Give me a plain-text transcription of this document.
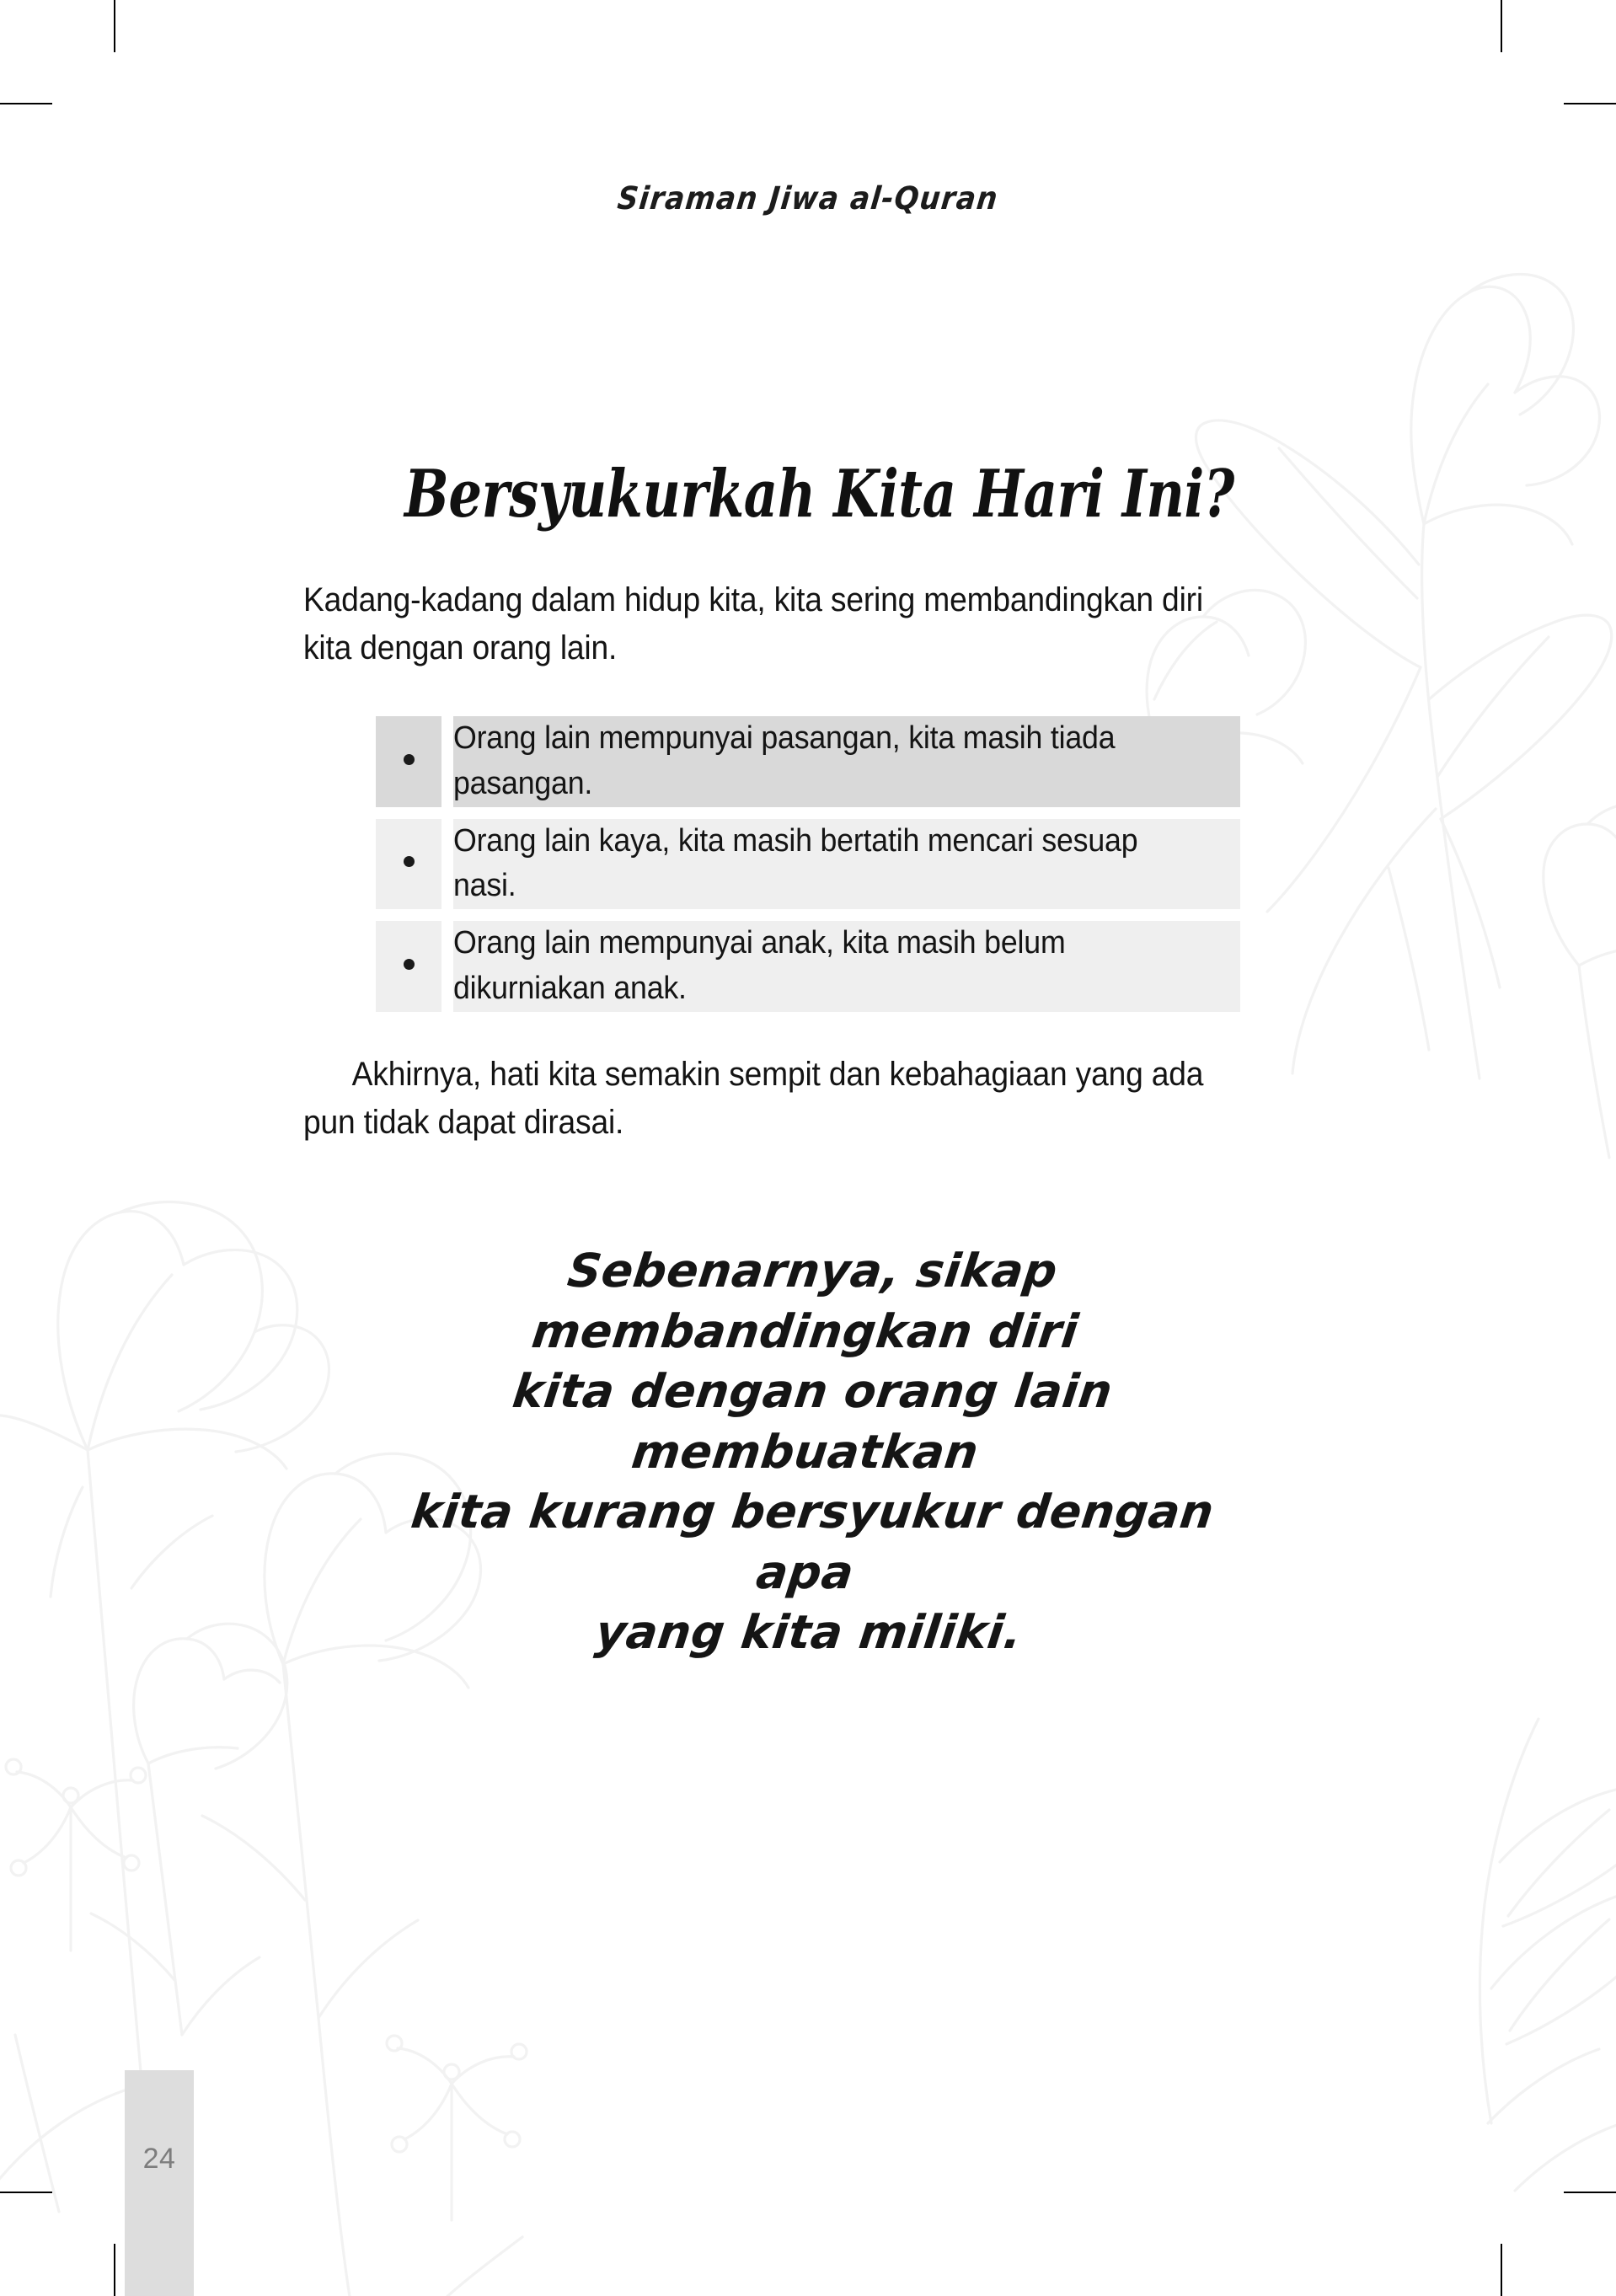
Siraman Jiwa al-Quran
Bersyukurkah Kita Hari Ini?

Kadang-kadang dalam hidup kita, kita sering membandingkan diri kita dengan orang lain.

		Orang lain mempunyai pasangan, kita masih tiada pasangan.

		Orang lain kaya, kita masih bertatih mencari sesuap nasi.

		Orang lain mempunyai anak, kita masih belum dikurniakan anak.

Akhirnya, hati kita semakin sempit dan kebahagiaan yang ada pun tidak dapat dirasai.

Sebenarnya, sikap membandingkan diri
kita dengan orang lain membuatkan
kita kurang bersyukur dengan apa
yang kita miliki.
24
